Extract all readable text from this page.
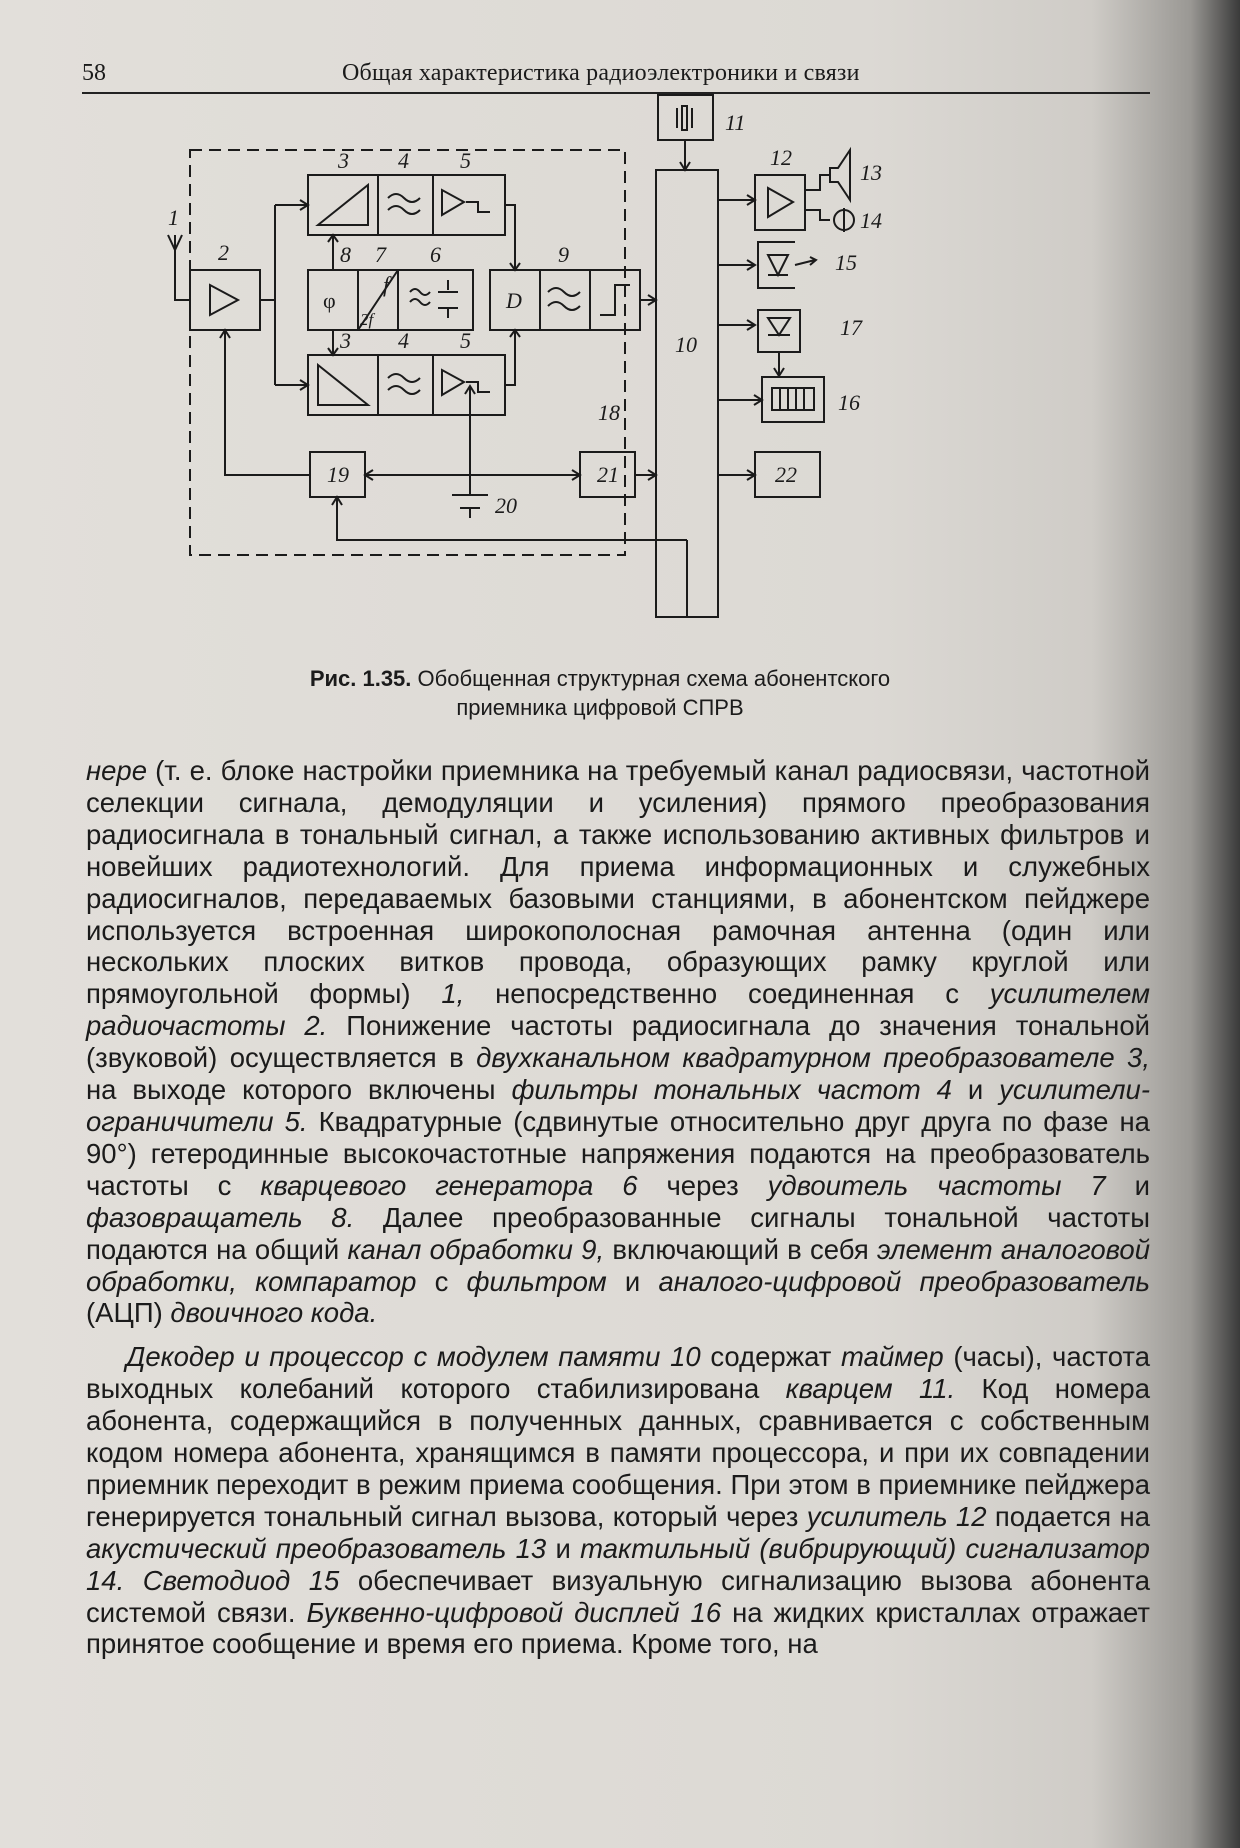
58	Общая характеристика радиоэлектроники и связи
1
2
3 4 5
8 7 6
3 4 5
9
10
11
12
13
14
15
16
17
18
19
20
21	22
φ
f
2f
D
Рис. 1.35. Обобщенная структурная схема абонентского
приемника цифровой СПРВ

нере (т. е. блоке настройки приемника на требуемый канал радиосвязи, частотной селекции сигнала, демодуляции и усиления) прямого преобразования радиосигнала в тональный сигнал, а также использованию активных фильтров и новейших радиотехнологий. Для приема информационных и служебных радиосигналов, передаваемых базовыми станциями, в абонентском пейджере используется встроенная широкополосная рамочная антенна (один или нескольких плоских витков провода, образующих рамку круглой или прямоугольной формы) 1, непосредственно соединенная с усилителем радиочастоты 2. Понижение частоты радиосигнала до значения тональной (звуковой) осуществляется в двухканальном квадратурном преобразователе 3, на выходе которого включены фильтры тональных частот 4 и усилители-ограничители 5. Квадратурные (сдвинутые относительно друг друга по фазе на 90°) гетеродинные высокочастотные напряжения подаются на преобразователь частоты с кварцевого генератора 6 через удвоитель частоты 7 и фазовращатель 8. Далее преобразованные сигналы тональной частоты подаются на общий канал обработки 9, включающий в себя элемент аналоговой обработки, компаратор с фильтром и аналого-цифровой преобразователь (АЦП) двоичного кода.

Декодер и процессор с модулем памяти 10 содержат таймер (часы), частота выходных колебаний которого стабилизирована кварцем 11. Код номера абонента, содержащийся в полученных данных, сравнивается с собственным кодом номера абонента, хранящимся в памяти процессора, и при их совпадении приемник переходит в режим приема сообщения. При этом в приемнике пейджера генерируется тональный сигнал вызова, который через усилитель 12 подается на акустический преобразователь 13 и тактильный (вибрирующий) сигнализатор 14. Светодиод 15 обеспечивает визуальную сигнализацию вызова абонента системой связи. Буквенно-цифровой дисплей 16 на жидких кристаллах отражает принятое сообщение и время его приема. Кроме того, на
